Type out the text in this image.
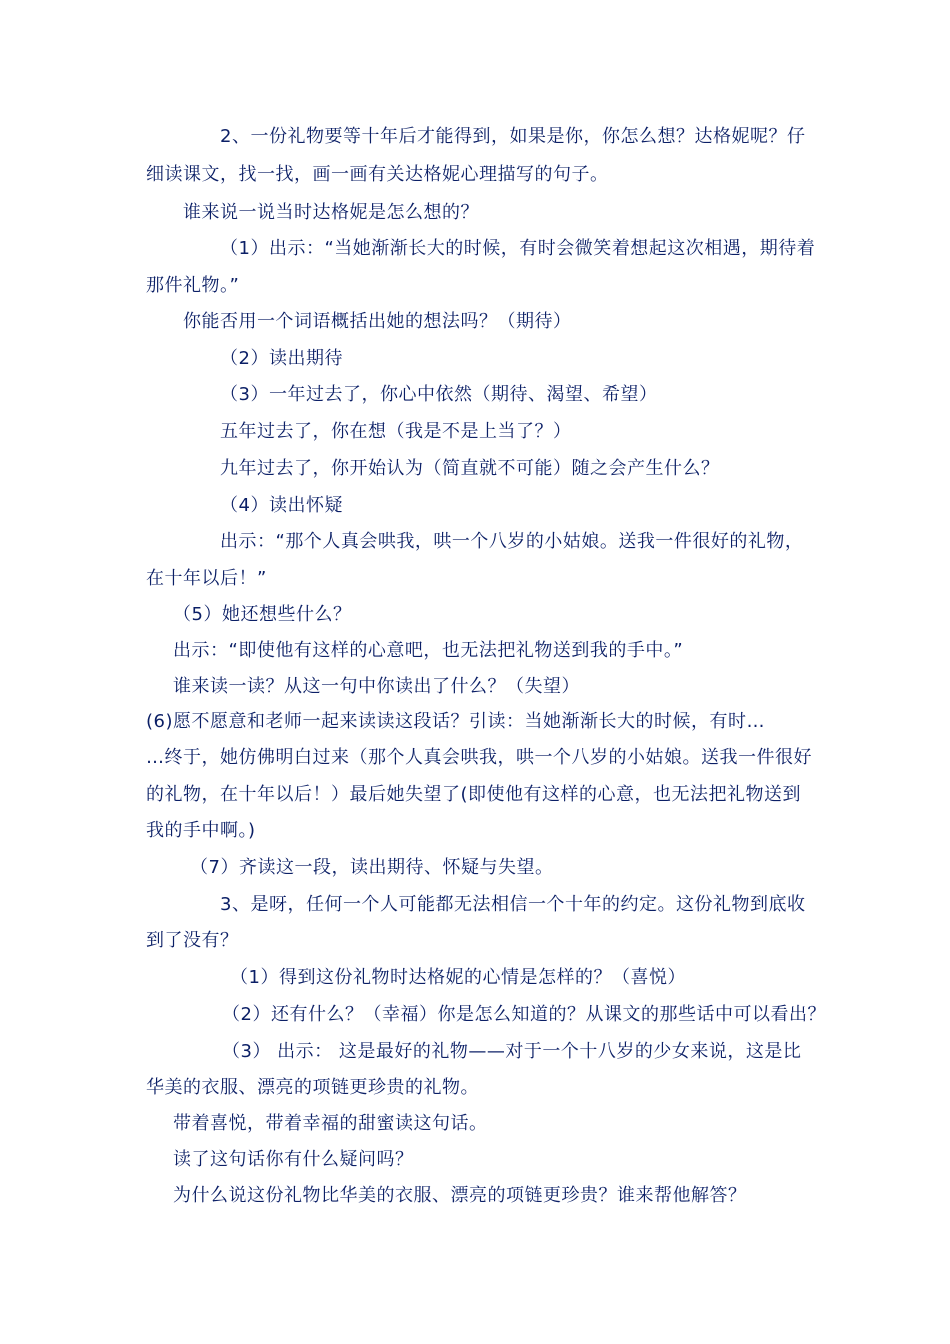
2、一份礼物要等十年后才能得到，如果是你，你怎么想？达格妮呢？仔
细读课文，找一找，画一画有关达格妮心理描写的句子。
谁来说一说当时达格妮是怎么想的？
（1）出示：“当她渐渐长大的时候，有时会微笑着想起这次相遇，期待着
那件礼物。”
你能否用一个词语概括出她的想法吗？（期待）
（2）读出期待
（3）一年过去了，你心中依然（期待、渴望、希望）
五年过去了，你在想（我是不是上当了？）
九年过去了，你开始认为（简直就不可能）随之会产生什么？
（4）读出怀疑
出示：“那个人真会哄我，哄一个八岁的小姑娘。送我一件很好的礼物，
在十年以后！”
（5）她还想些什么？
出示：“即使他有这样的心意吧，也无法把礼物送到我的手中。”
谁来读一读？从这一句中你读出了什么？（失望）
(6)愿不愿意和老师一起来读读这段话？引读：当她渐渐长大的时候，有时…
…终于，她仿佛明白过来（那个人真会哄我，哄一个八岁的小姑娘。送我一件很好
的礼物，在十年以后！）最后她失望了(即使他有这样的心意，也无法把礼物送到
我的手中啊。)
（7）齐读这一段，读出期待、怀疑与失望。
3、是呀，任何一个人可能都无法相信一个十年的约定。这份礼物到底收
到了没有？
（1）得到这份礼物时达格妮的心情是怎样的？（喜悦）
（2）还有什么？（幸福）你是怎么知道的？从课文的那些话中可以看出？
（3） 出示： 这是最好的礼物——对于一个十八岁的少女来说，这是比
华美的衣服、漂亮的项链更珍贵的礼物。
带着喜悦，带着幸福的甜蜜读这句话。
读了这句话你有什么疑问吗？
为什么说这份礼物比华美的衣服、漂亮的项链更珍贵？谁来帮他解答？
